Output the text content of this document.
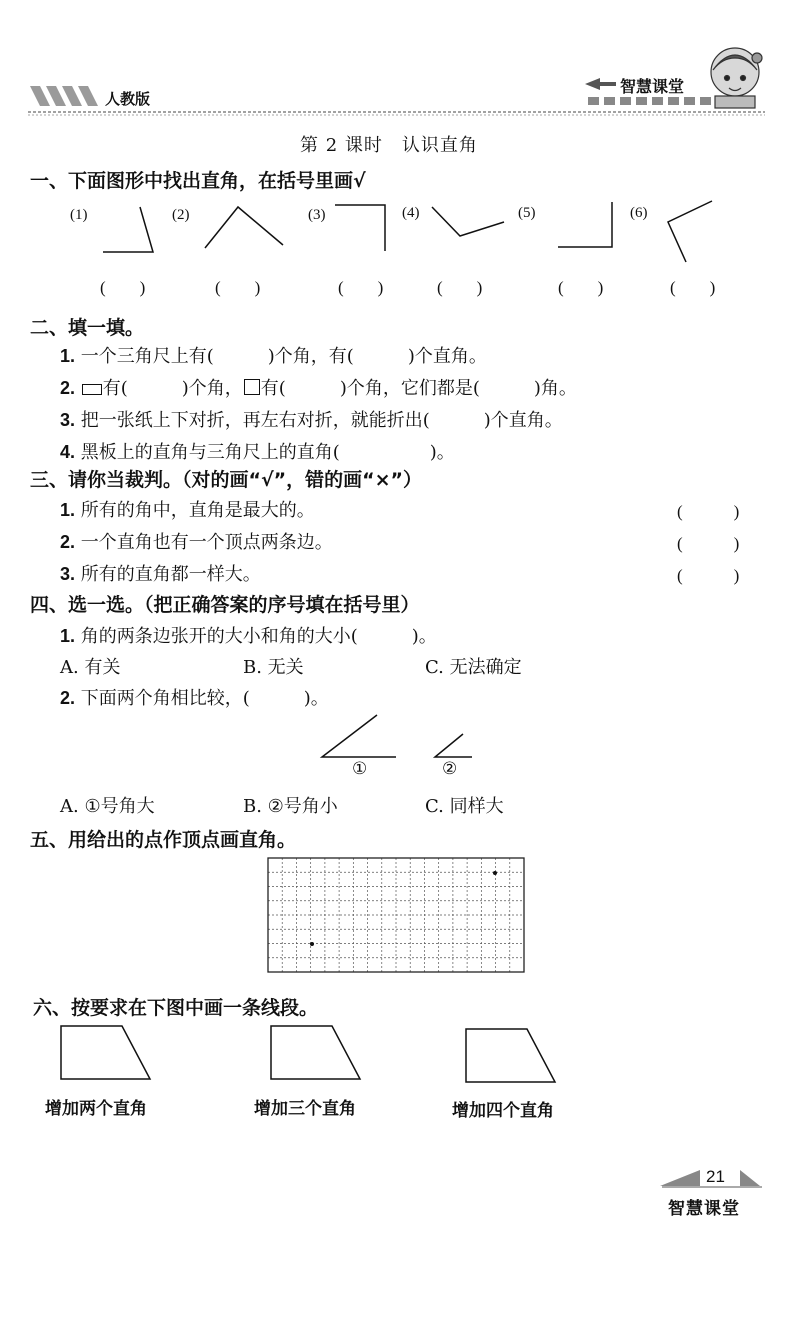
人教版
智慧课堂
第 2 课时　认识直角
一、下面图形中找出直角，在括号里画√
(1)	(2)	(3)	(4)	(5)	(6)
(　　)	(　　)	(　　)	(　　)	(　　)	(　　)
二、填一填。
1. 一个三角尺上有(　　　)个角，有(　　　)个直角。
2. 有(　　　)个角， 有(　　　)个角，它们都是(　　　)角。
3. 把一张纸上下对折，再左右对折，就能折出(　　　)个直角。
4. 黑板上的直角与三角尺上的直角(　　　　　)。
三、请你当裁判。（对的画“√”，错的画“×”）
1. 所有的角中，直角是最大的。	(　　　)
2. 一个直角也有一个顶点两条边。	(　　　)
3. 所有的直角都一样大。	(　　　)
四、选一选。（把正确答案的序号填在括号里）
1. 角的两条边张开的大小和角的大小(　　　)。
A. 有关	B. 无关	C. 无法确定
2. 下面两个角相比较，(　　　)。
①	②
A. ①号角大	B. ②号角小	C. 同样大
五、用给出的点作顶点画直角。
六、按要求在下图中画一条线段。
增加两个直角	增加三个直角	增加四个直角
21
智慧课堂
